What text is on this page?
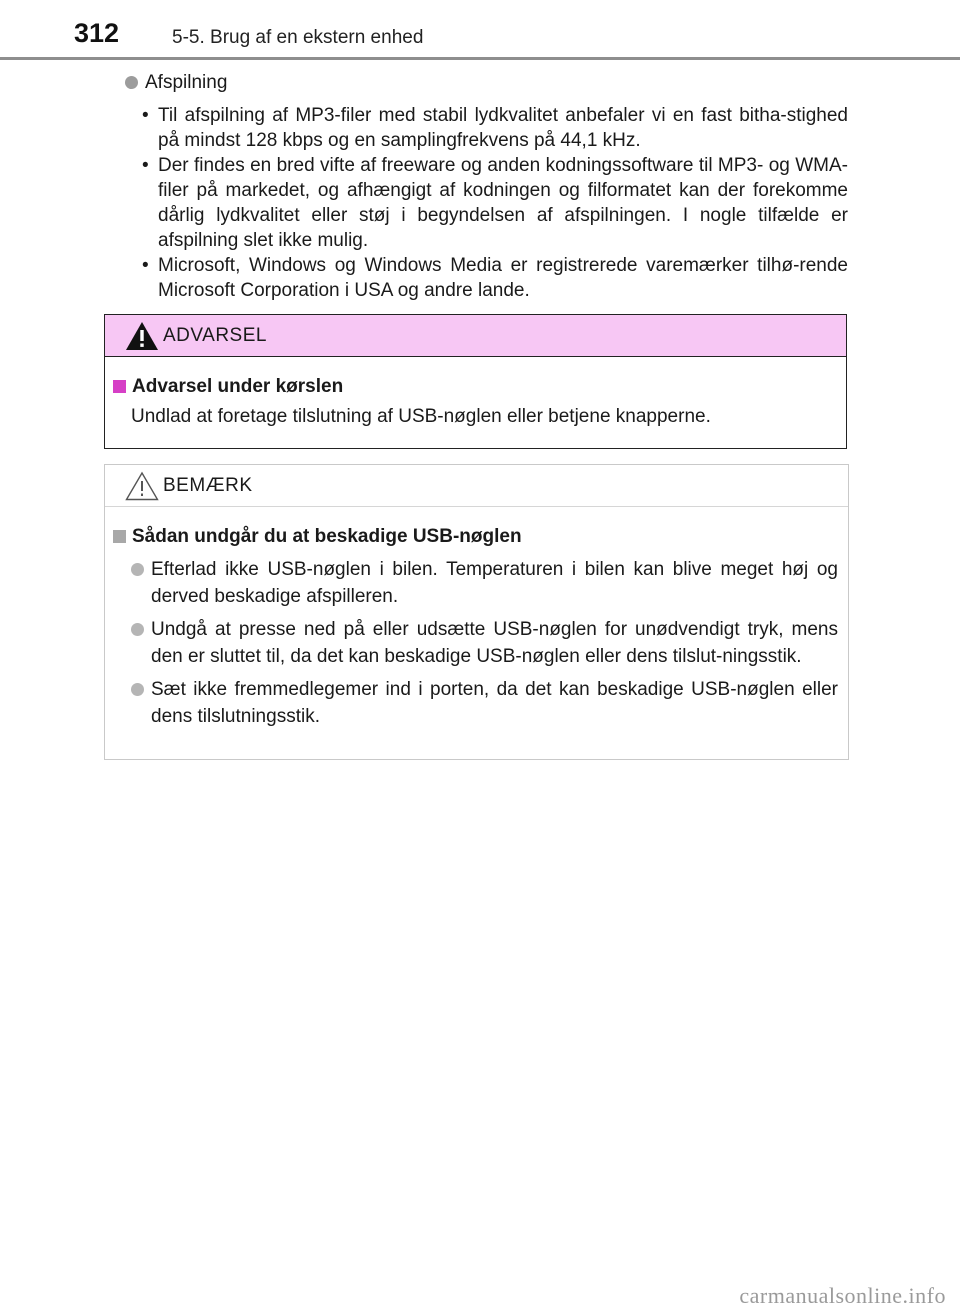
312	5-5. Brug af en ekstern enhed
Afspilning
• Til afspilning af MP3-filer med stabil lydkvalitet anbefaler vi en fast bitha-stighed på mindst 128 kbps og en samplingfrekvens på 44,1 kHz.
• Der findes en bred vifte af freeware og anden kodningssoftware til MP3- og WMA-filer på markedet, og afhængigt af kodningen og filformatet kan der forekomme dårlig lydkvalitet eller støj i begyndelsen af afspilningen. I nogle tilfælde er afspilning slet ikke mulig.
• Microsoft, Windows og Windows Media er registrerede varemærker tilhø-rende Microsoft Corporation i USA og andre lande.
ADVARSEL
Advarsel under kørslen
Undlad at foretage tilslutning af USB-nøglen eller betjene knapperne.
BEMÆRK
Sådan undgår du at beskadige USB-nøglen
Efterlad ikke USB-nøglen i bilen. Temperaturen i bilen kan blive meget høj og derved beskadige afspilleren.
Undgå at presse ned på eller udsætte USB-nøglen for unødvendigt tryk, mens den er sluttet til, da det kan beskadige USB-nøglen eller dens tilslut-ningsstik.
Sæt ikke fremmedlegemer ind i porten, da det kan beskadige USB-nøglen eller dens tilslutningsstik.
carmanualsonline.info
